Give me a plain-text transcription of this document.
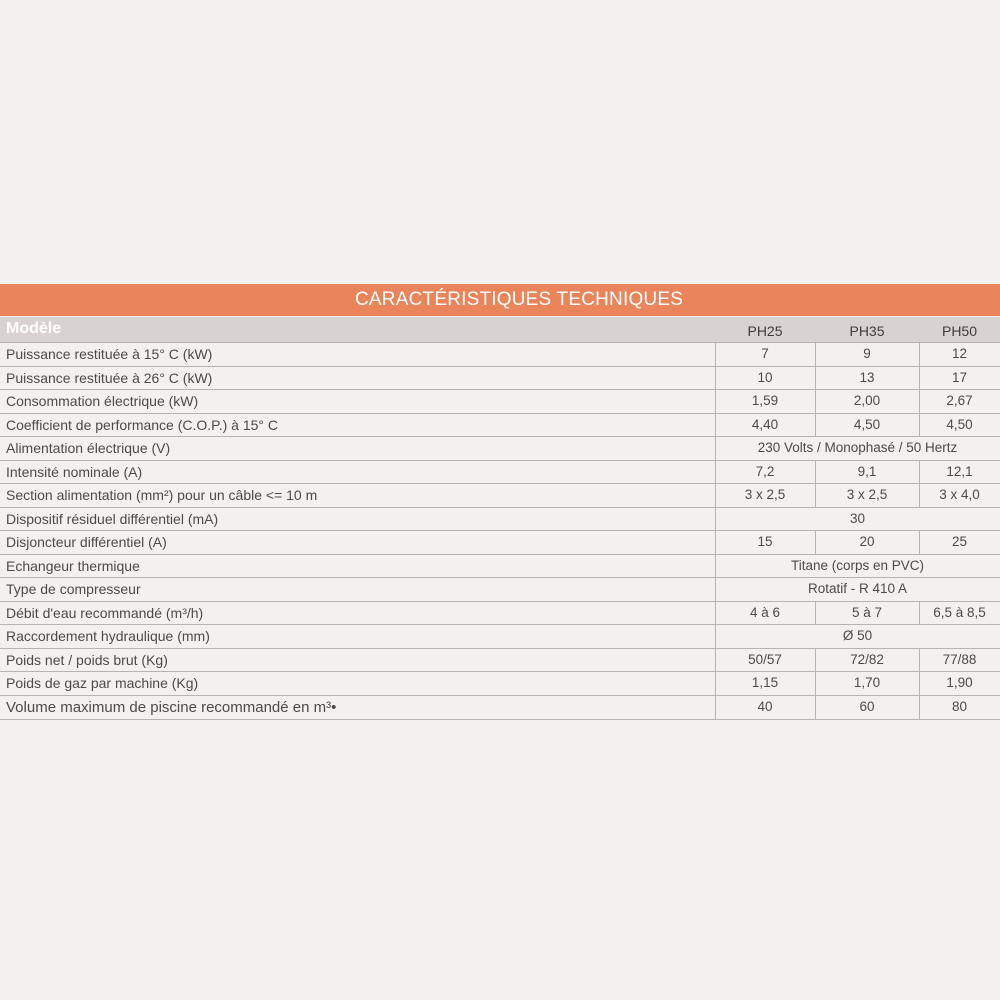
CARACTÉRISTIQUES TECHNIQUES
Modèle	PH25	PH35	PH50
Puissance restituée à 15° C (kW)	7	9	12
Puissance restituée à 26° C (kW)	10	13	17
Consommation électrique (kW)	1,59	2,00	2,67
Coefficient de performance (C.O.P.) à 15° C	4,40	4,50	4,50
Alimentation électrique (V)	230 Volts / Monophasé / 50 Hertz
Intensité nominale (A)	7,2	9,1	12,1
Section alimentation (mm²) pour un câble <= 10 m	3 x 2,5	3 x 2,5	3 x 4,0
Dispositif résiduel différentiel (mA)	30
Disjoncteur différentiel (A)	15	20	25
Echangeur thermique	Titane (corps en PVC)
Type de compresseur	Rotatif - R 410 A
Débit d'eau recommandé (m³/h)	4 à 6	5 à 7	6,5 à 8,5
Raccordement hydraulique (mm)	Ø 50
Poids net / poids brut (Kg)	50/57	72/82	77/88
Poids de gaz par machine (Kg)	1,15	1,70	1,90
Volume maximum de piscine recommandé en m³•	40	60	80
